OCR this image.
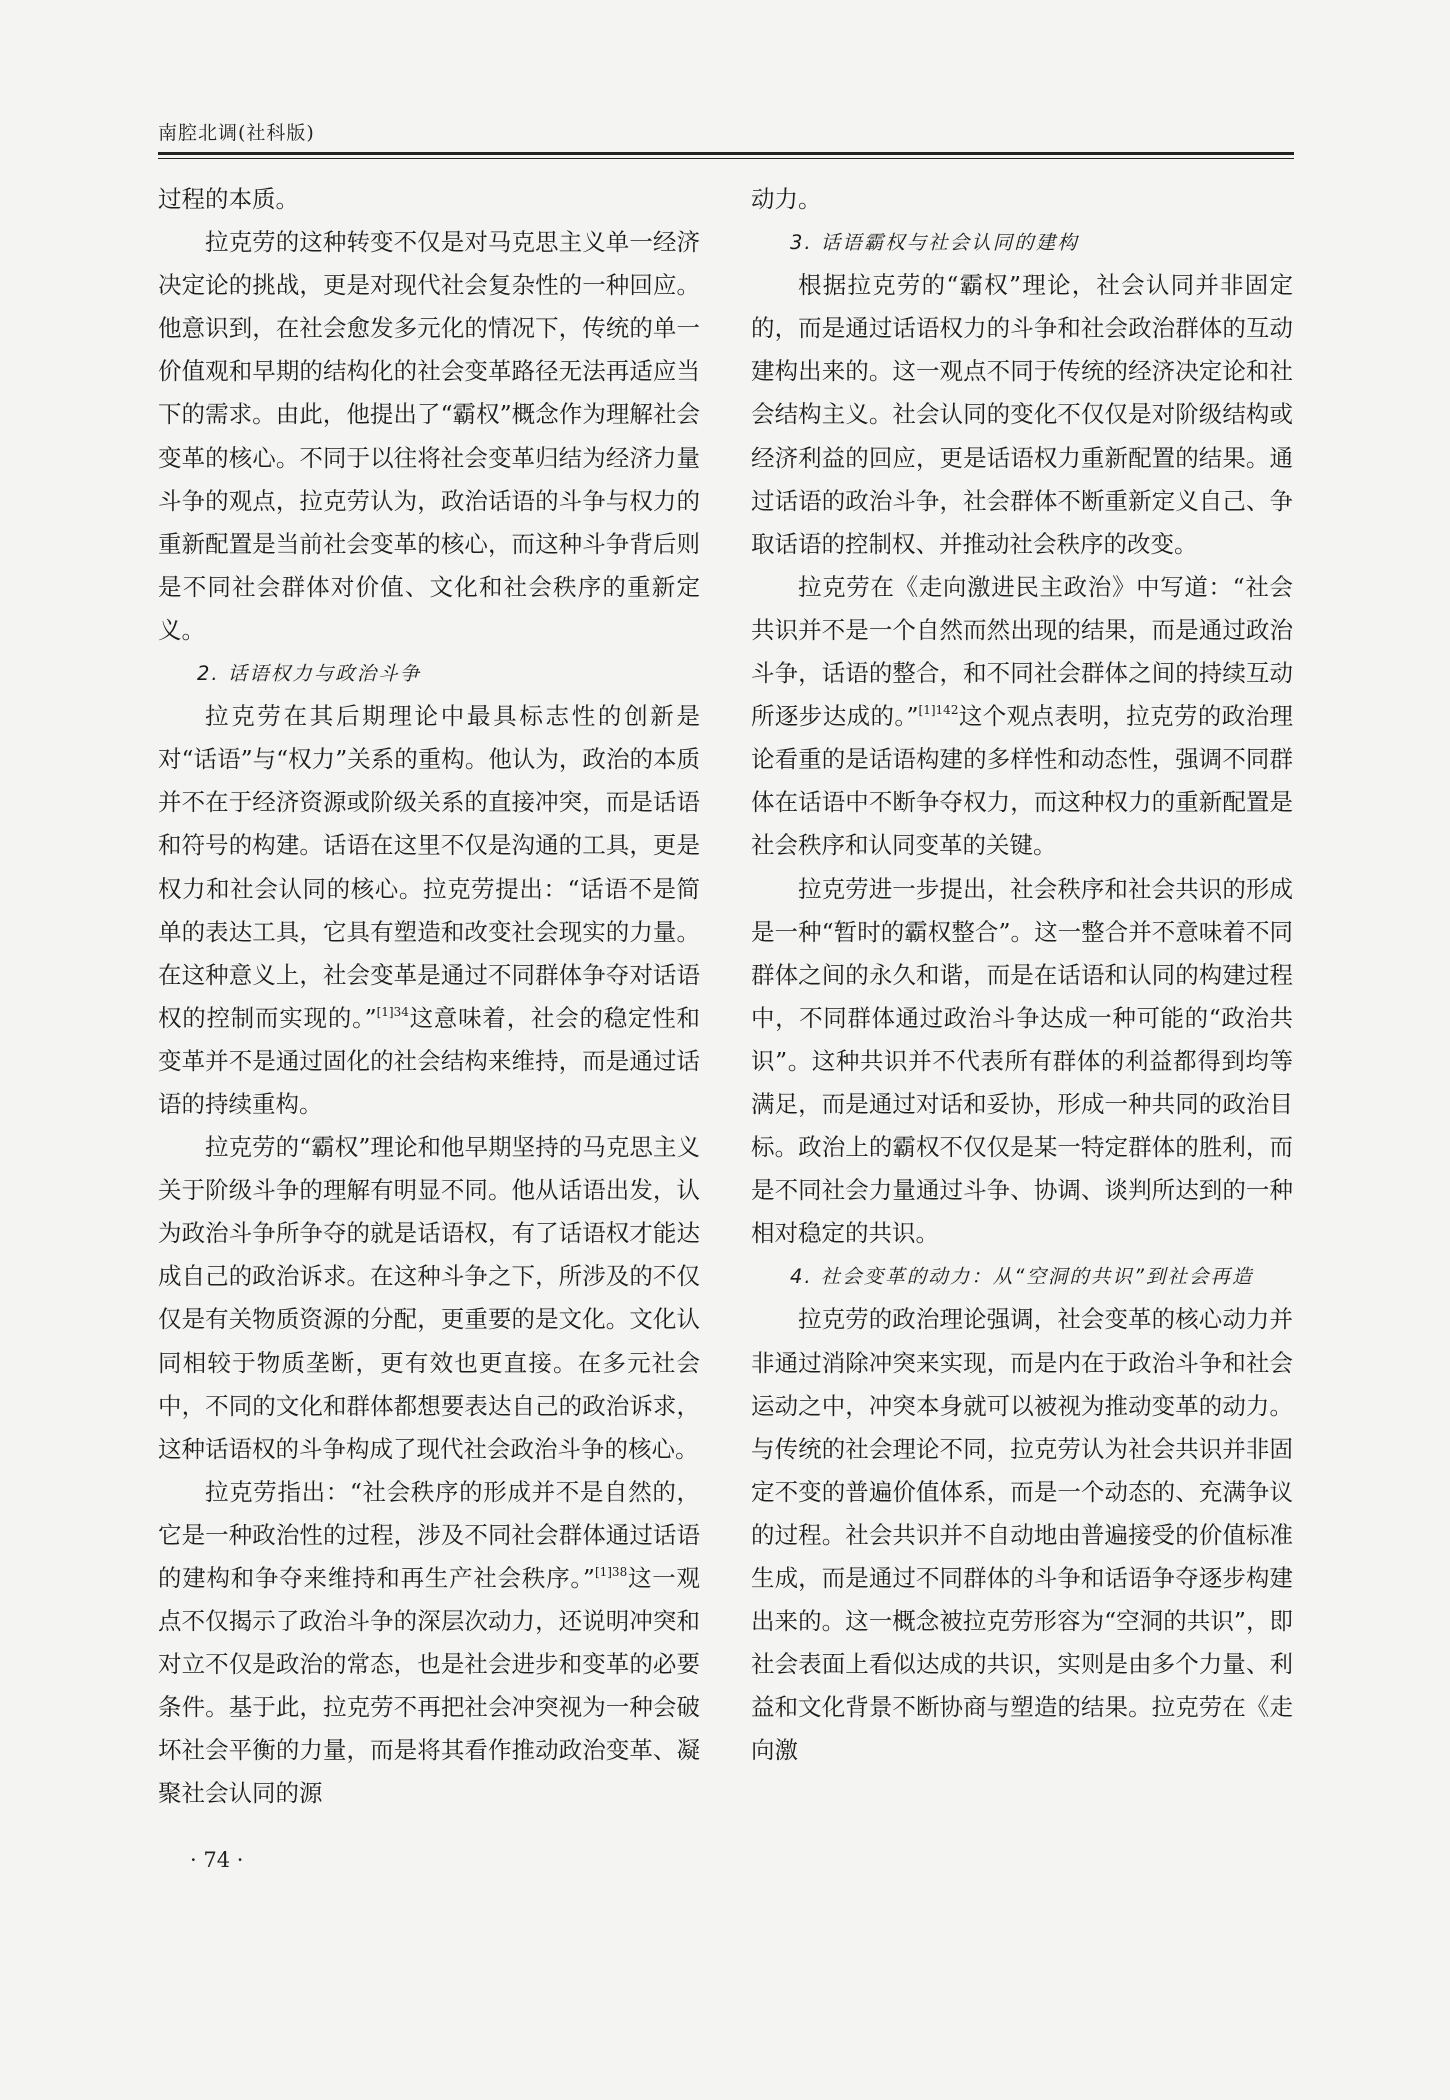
南腔北调(社科版)

过程的本质。

拉克劳的这种转变不仅是对马克思主义单一经济决定论的挑战，更是对现代社会复杂性的一种回应。他意识到，在社会愈发多元化的情况下，传统的单一价值观和早期的结构化的社会变革路径无法再适应当下的需求。由此，他提出了“霸权”概念作为理解社会变革的核心。不同于以往将社会变革归结为经济力量斗争的观点，拉克劳认为，政治话语的斗争与权力的重新配置是当前社会变革的核心，而这种斗争背后则是不同社会群体对价值、文化和社会秩序的重新定义。

2. 话语权力与政治斗争

拉克劳在其后期理论中最具标志性的创新是对“话语”与“权力”关系的重构。他认为，政治的本质并不在于经济资源或阶级关系的直接冲突，而是话语和符号的构建。话语在这里不仅是沟通的工具，更是权力和社会认同的核心。拉克劳提出：“话语不是简单的表达工具，它具有塑造和改变社会现实的力量。在这种意义上，社会变革是通过不同群体争夺对话语权的控制而实现的。”$^{[1]34}$这意味着，社会的稳定性和变革并不是通过固化的社会结构来维持，而是通过话语的持续重构。

拉克劳的“霸权”理论和他早期坚持的马克思主义关于阶级斗争的理解有明显不同。他从话语出发，认为政治斗争所争夺的就是话语权，有了话语权才能达成自己的政治诉求。在这种斗争之下，所涉及的不仅仅是有关物质资源的分配，更重要的是文化。文化认同相较于物质垄断，更有效也更直接。在多元社会中，不同的文化和群体都想要表达自己的政治诉求，这种话语权的斗争构成了现代社会政治斗争的核心。

拉克劳指出：“社会秩序的形成并不是自然的，它是一种政治性的过程，涉及不同社会群体通过话语的建构和争夺来维持和再生产社会秩序。”$^{[1]38}$这一观点不仅揭示了政治斗争的深层次动力，还说明冲突和对立不仅是政治的常态，也是社会进步和变革的必要条件。基于此，拉克劳不再把社会冲突视为一种会破坏社会平衡的力量，而是将其看作推动政治变革、凝聚社会认同的源

动力。

3. 话语霸权与社会认同的建构

根据拉克劳的“霸权”理论，社会认同并非固定的，而是通过话语权力的斗争和社会政治群体的互动建构出来的。这一观点不同于传统的经济决定论和社会结构主义。社会认同的变化不仅仅是对阶级结构或经济利益的回应，更是话语权力重新配置的结果。通过话语的政治斗争，社会群体不断重新定义自己、争取话语的控制权、并推动社会秩序的改变。

拉克劳在《走向激进民主政治》中写道：“社会共识并不是一个自然而然出现的结果，而是通过政治斗争，话语的整合，和不同社会群体之间的持续互动所逐步达成的。”$^{[1]142}$这个观点表明，拉克劳的政治理论看重的是话语构建的多样性和动态性，强调不同群体在话语中不断争夺权力，而这种权力的重新配置是社会秩序和认同变革的关键。

拉克劳进一步提出，社会秩序和社会共识的形成是一种“暂时的霸权整合”。这一整合并不意味着不同群体之间的永久和谐，而是在话语和认同的构建过程中，不同群体通过政治斗争达成一种可能的“政治共识”。这种共识并不代表所有群体的利益都得到均等满足，而是通过对话和妥协，形成一种共同的政治目标。政治上的霸权不仅仅是某一特定群体的胜利，而是不同社会力量通过斗争、协调、谈判所达到的一种相对稳定的共识。

4. 社会变革的动力：从“空洞的共识”到社会再造

拉克劳的政治理论强调，社会变革的核心动力并非通过消除冲突来实现，而是内在于政治斗争和社会运动之中，冲突本身就可以被视为推动变革的动力。与传统的社会理论不同，拉克劳认为社会共识并非固定不变的普遍价值体系，而是一个动态的、充满争议的过程。社会共识并不自动地由普遍接受的价值标准生成，而是通过不同群体的斗争和话语争夺逐步构建出来的。这一概念被拉克劳形容为“空洞的共识”，即社会表面上看似达成的共识，实则是由多个力量、利益和文化背景不断协商与塑造的结果。拉克劳在《走向激

· 74 ·
